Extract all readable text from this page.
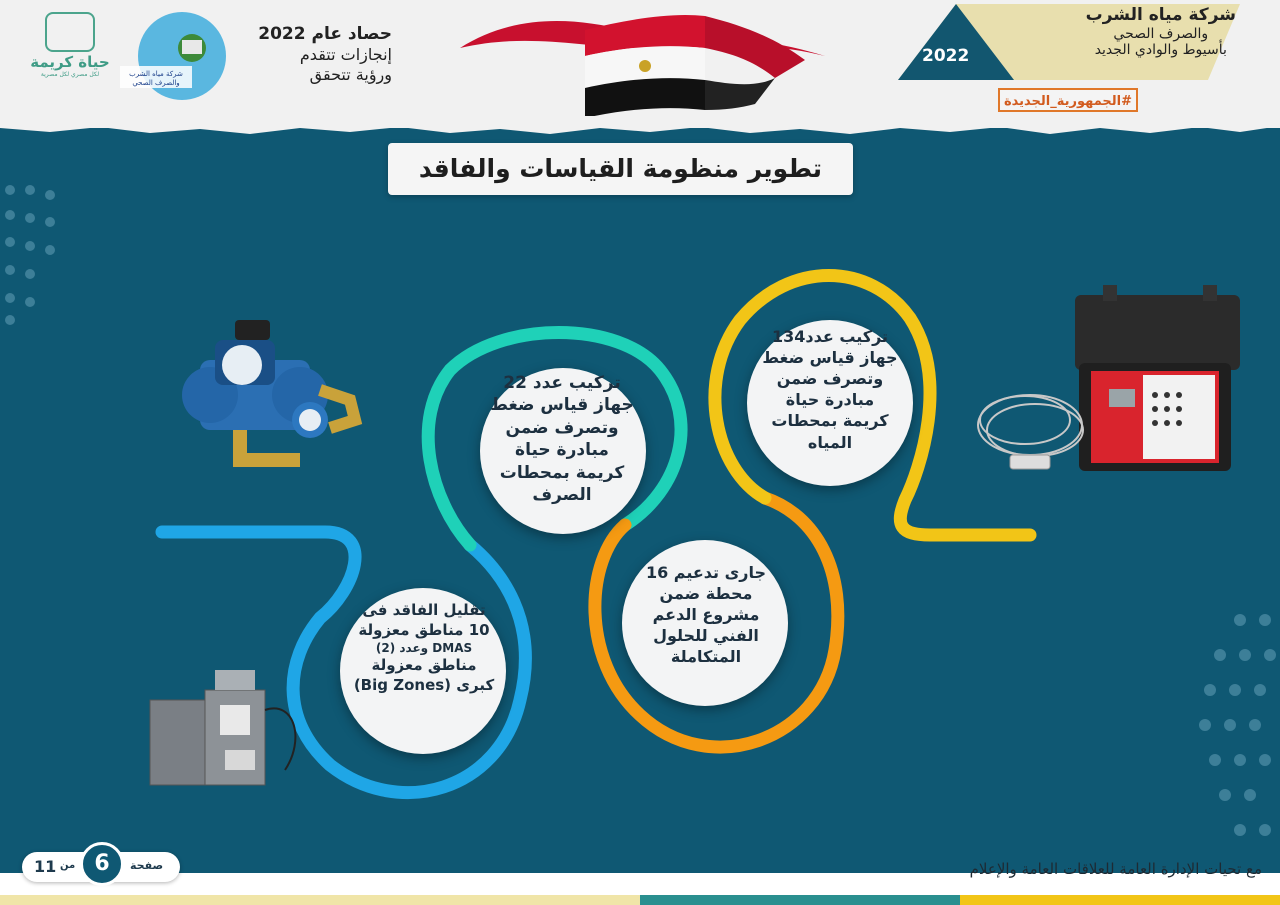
شركة مياه الشرب
والصرف الصحي
بأسيوط والوادي الجديد
2022
#الجمهورية_الجديدة
حصاد عام 2022
إنجازات تتقدم
ورؤية تتحقق
شركة مياه الشرب
والصرف الصحي
حياة كريمة
لكل مصري لكل مصرية
تطوير منظومة القياسات والفاقد
تركيب عدد 22
جهاز قياس ضغط
وتصرف ضمن
مبادرة حياة
كريمة بمحطات
الصرف
تركيب عدد134
جهاز قياس ضغط
وتصرف ضمن
مبادرة حياة
كريمة بمحطات
المياه
جارى تدعيم 16
محطة ضمن
مشروع الدعم
الفني للحلول
المتكاملة
تقليل الفاقد فى
10 مناطق معزولة
DMAS وعدد (2)
مناطق معزولة
كبرى (Big Zones)
صفحة
6
من
11	مع تحيات الإدارة العامة للعلاقات العامة والإعلام
